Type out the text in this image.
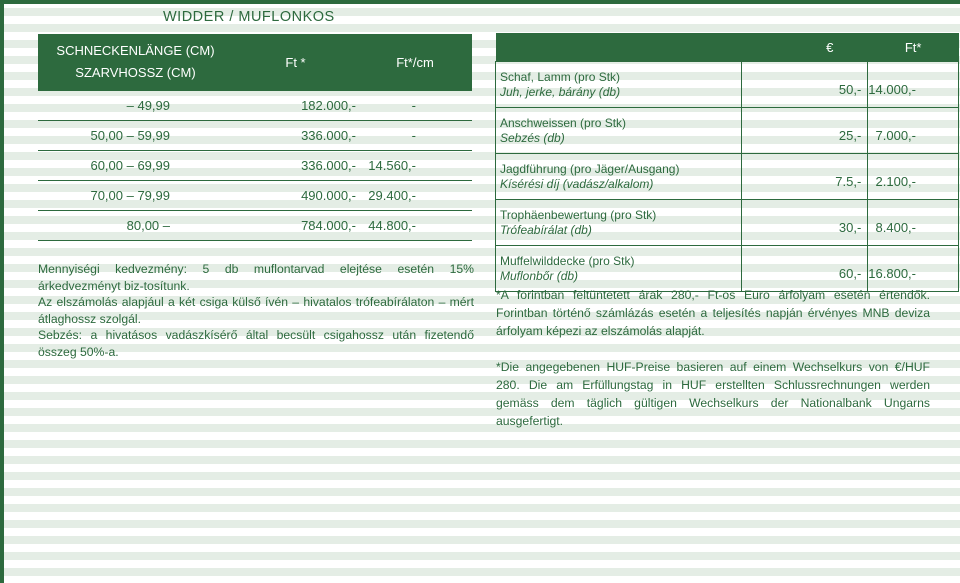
WIDDER / MUFLONKOS
SCHNECKENLÄNGE (CM)
SZARVHOSSZ (CM)	Ft *	Ft*/cm
– 49,99	182.000,-	-
50,00 – 59,99	336.000,-	-
60,00 – 69,99	336.000,-	14.560,-
70,00 – 79,99	490.000,-	29.400,-
80,00 –	784.000,-	44.800,-

Mennyiségi kedvezmény: 5 db muflontarvad elejtése esetén 15% árkedvezményt biz-tosítunk.

Az elszámolás alapjául a két csiga külső ívén – hivatalos trófeabírálaton – mért átlaghossz szolgál.

Sebzés: a hivatásos vadászkísérő által becsült csigahossz után fizetendő összeg 50%-a.

	€	Ft*

Schaf, Lamm (pro Stk)
Juh, jerke, bárány (db)	50,-	14.000,-

Anschweissen (pro Stk)
Sebzés (db)	25,-	7.000,-

Jagdführung (pro Jäger/Ausgang)
Kísérési díj (vadász/alkalom)	7.5,-	2.100,-

Trophäenbewertung (pro Stk)
Trófeabírálat (db)	30,-	8.400,-

Muffelwilddecke (pro Stk)
Muflonbőr (db)	60,-	16.800,-

*A forintban feltüntetett árak 280,- Ft-os Euro árfolyam esetén értendők. Forintban történő számlázás esetén a teljesítés napján érvényes MNB deviza árfolyam képezi az elszámolás alapját.

*Die angegebenen HUF-Preise basieren auf einem Wechselkurs von €/HUF 280. Die am Erfüllungstag in HUF erstellten Schlussrechnungen werden gemäss dem täglich gültigen Wechselkurs der Nationalbank Ungarns ausgefertigt.
